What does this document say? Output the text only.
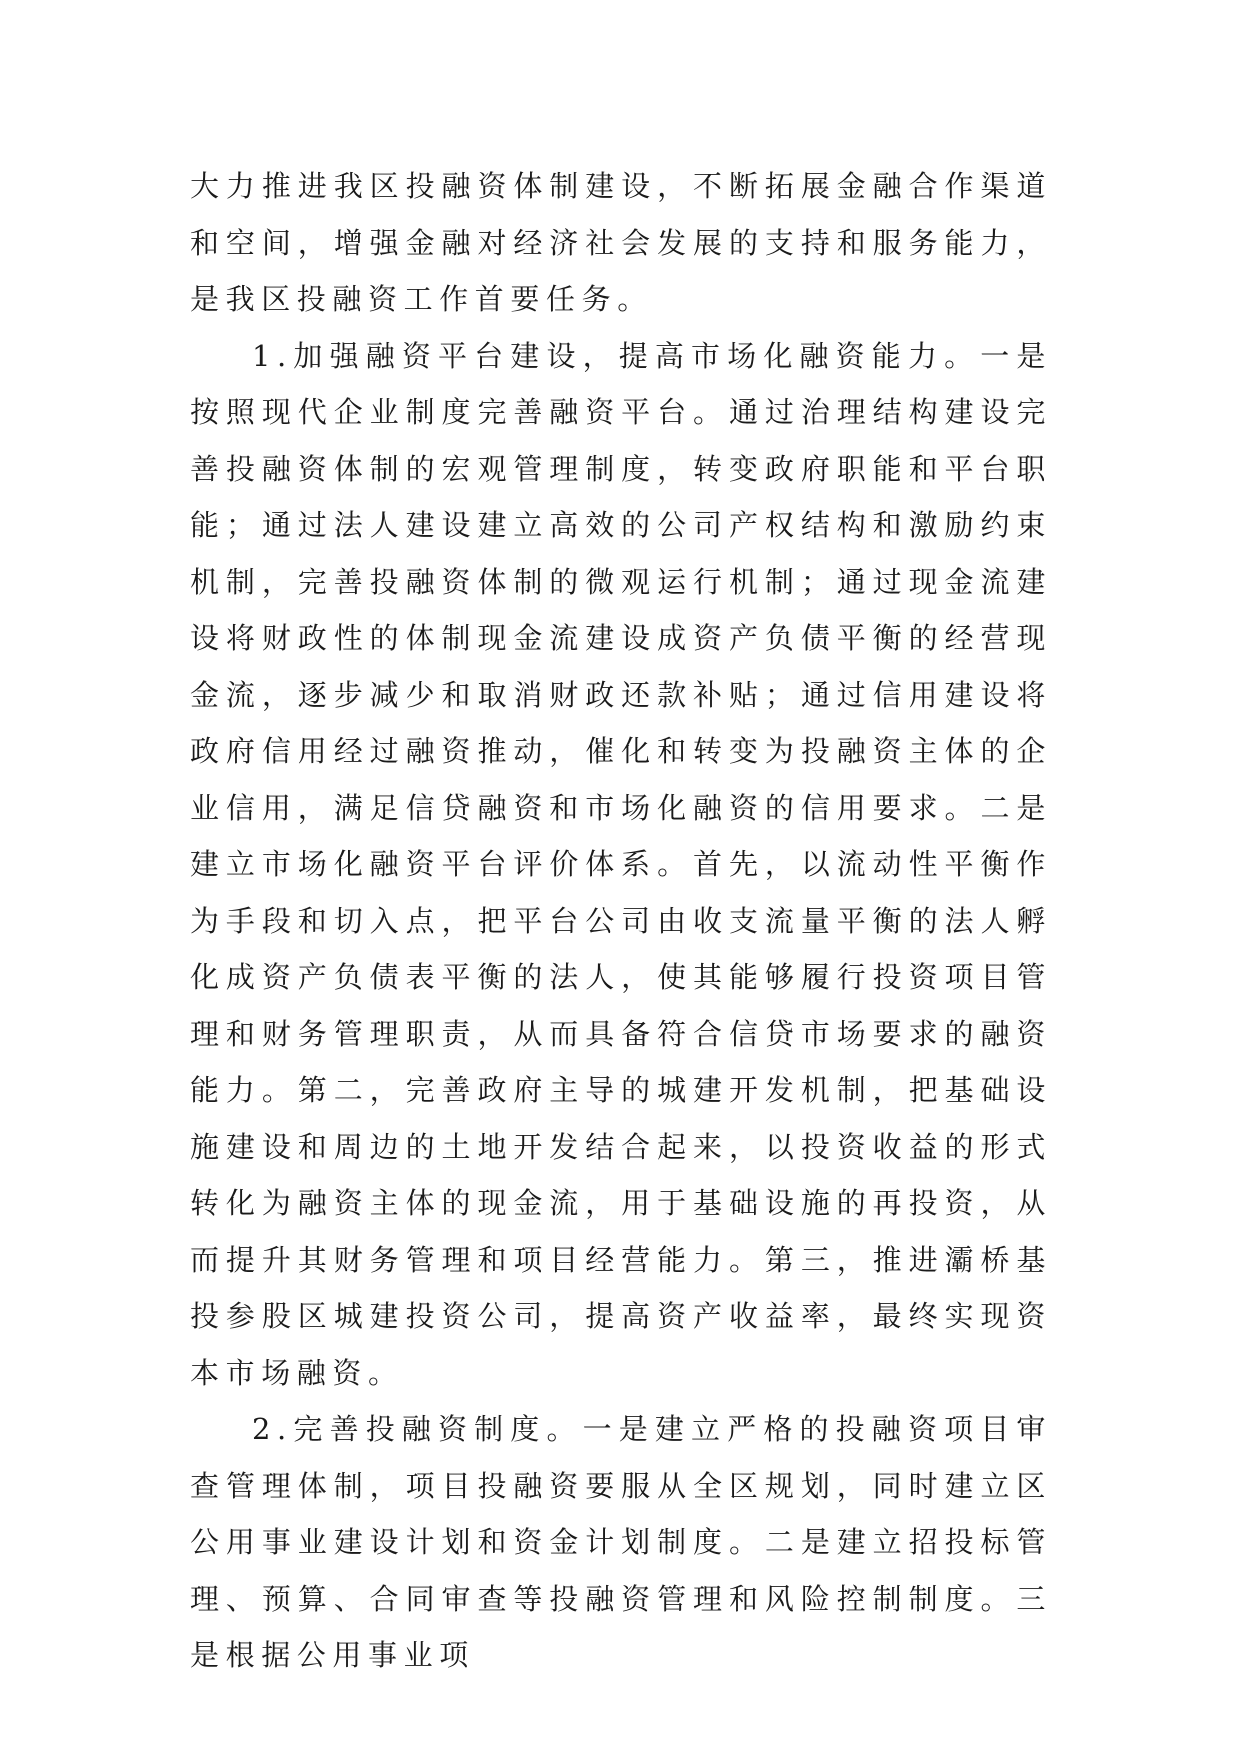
大力推进我区投融资体制建设，不断拓展金融合作渠道和空间，增强金融对经济社会发展的支持和服务能力，是我区投融资工作首要任务。

1.加强融资平台建设，提高市场化融资能力。一是按照现代企业制度完善融资平台。通过治理结构建设完善投融资体制的宏观管理制度，转变政府职能和平台职能；通过法人建设建立高效的公司产权结构和激励约束机制，完善投融资体制的微观运行机制；通过现金流建设将财政性的体制现金流建设成资产负债平衡的经营现金流，逐步减少和取消财政还款补贴；通过信用建设将政府信用经过融资推动，催化和转变为投融资主体的企业信用，满足信贷融资和市场化融资的信用要求。二是建立市场化融资平台评价体系。首先，以流动性平衡作为手段和切入点，把平台公司由收支流量平衡的法人孵化成资产负债表平衡的法人，使其能够履行投资项目管理和财务管理职责，从而具备符合信贷市场要求的融资能力。第二，完善政府主导的城建开发机制，把基础设施建设和周边的土地开发结合起来，以投资收益的形式转化为融资主体的现金流，用于基础设施的再投资，从而提升其财务管理和项目经营能力。第三，推进灞桥基投参股区城建投资公司，提高资产收益率，最终实现资本市场融资。

2.完善投融资制度。一是建立严格的投融资项目审查管理体制，项目投融资要服从全区规划，同时建立区公用事业建设计划和资金计划制度。二是建立招投标管理、预算、合同审查等投融资管理和风险控制制度。三是根据公用事业项
